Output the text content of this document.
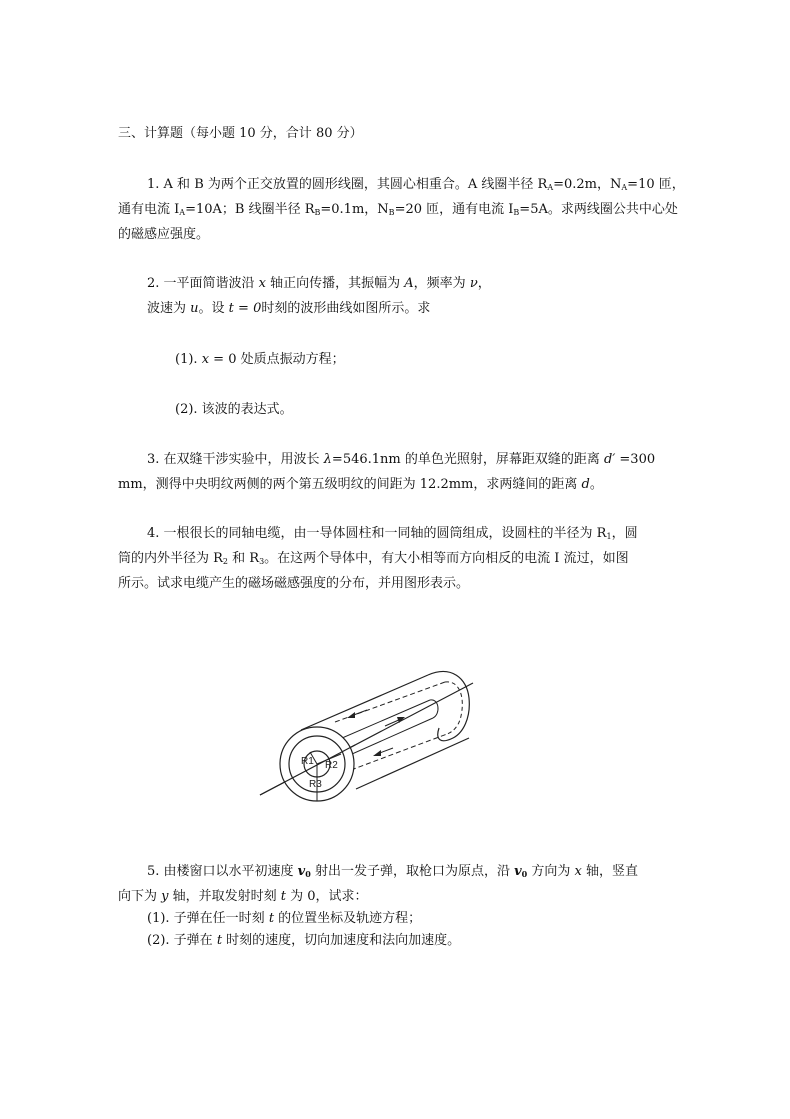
三、计算题（每小题 10 分，合计 80 分）
1. A 和 B 为两个正交放置的圆形线圈，其圆心相重合。A 线圈半径 $R_A=0.2m$，$N_A=10$ 匝，
通有电流 $I_A=10A$；B 线圈半径 $R_B=0.1m$，$N_B=20$ 匝，通有电流 $I_B=5A$。求两线圈公共中心处
的磁感应强度。
2. 一平面简谐波沿 x 轴正向传播，其振幅为 A，频率为 ν，
波速为 u。设 t = 0时刻的波形曲线如图所示。求
(1). x = 0 处质点振动方程；
(2). 该波的表达式。
3. 在双缝干涉实验中，用波长 λ=546.1nm 的单色光照射，屏幕距双缝的距离 d′ =300
mm，测得中央明纹两侧的两个第五级明纹的间距为 12.2mm，求两缝间的距离 d。
4. 一根很长的同轴电缆，由一导体圆柱和一同轴的圆筒组成，设圆柱的半径为 $R_1$，圆
筒的内外半径为 $R_2$ 和 $R_3$。在这两个导体中，有大小相等而方向相反的电流 I 流过，如图
所示。试求电缆产生的磁场磁感强度的分布，并用图形表示。
R1 R2
R3
5. 由楼窗口以水平初速度 $v_0$ 射出一发子弹，取枪口为原点，沿 $v_0$ 方向为 x 轴，竖直
向下为 y 轴，并取发射时刻 t 为 0，试求：
(1). 子弹在任一时刻 t 的位置坐标及轨迹方程；
(2). 子弹在 t 时刻的速度，切向加速度和法向加速度。
